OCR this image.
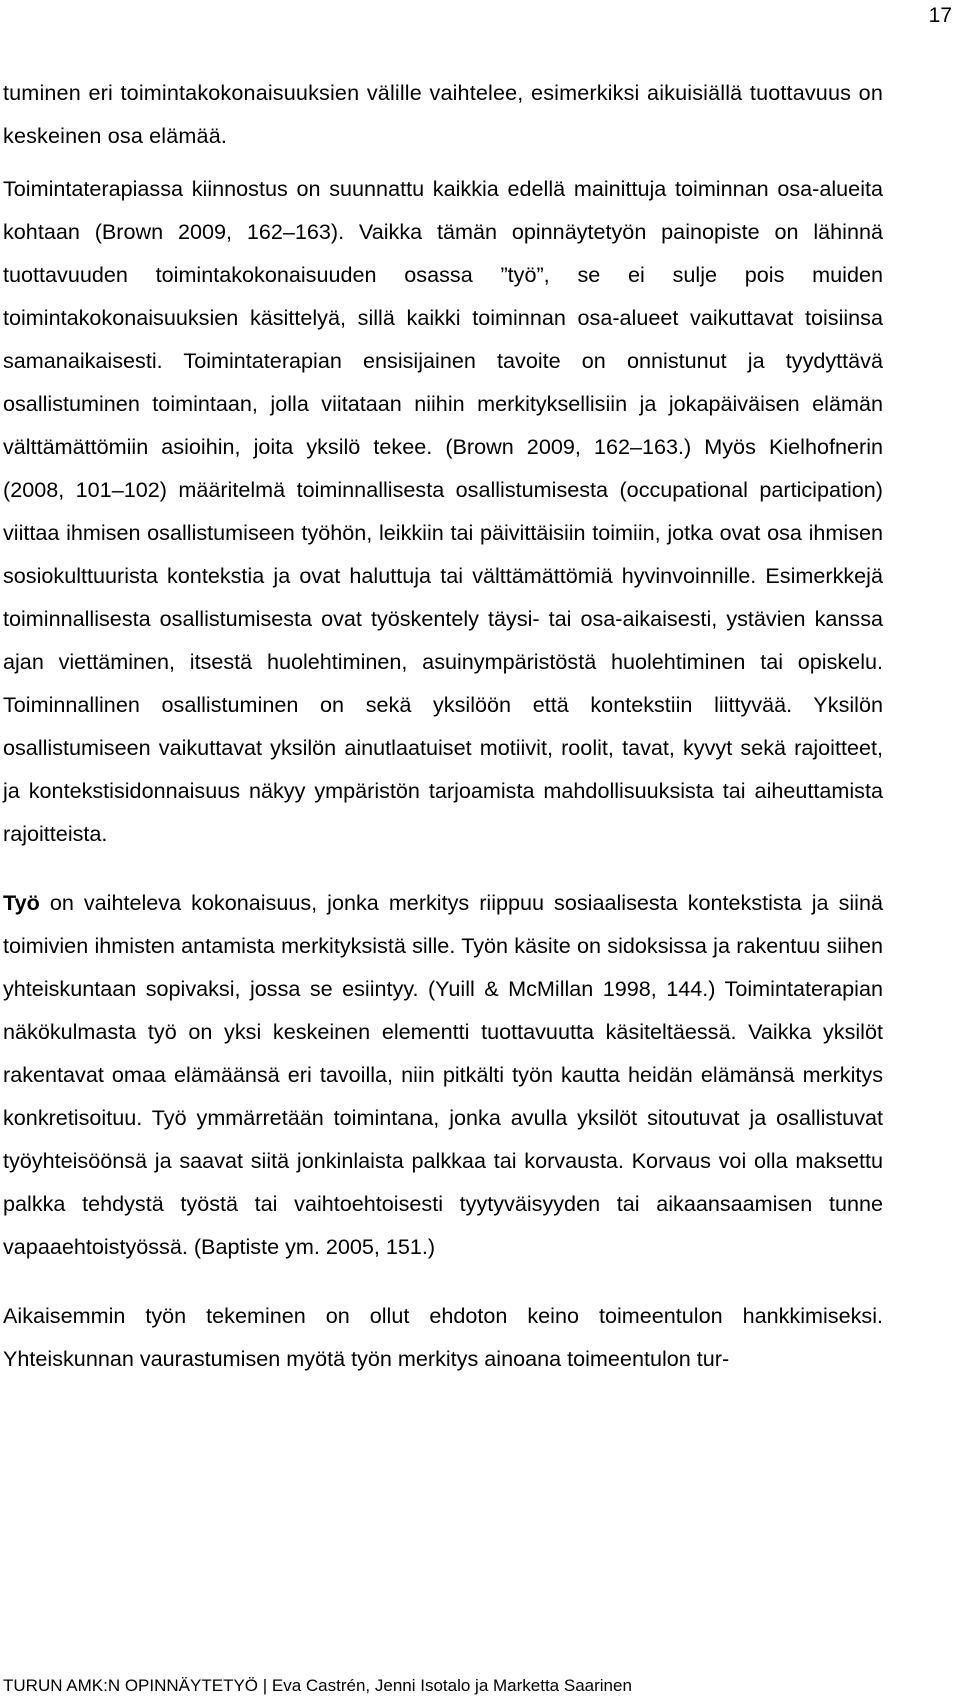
17

tuminen eri toimintakokonaisuuksien välille vaihtelee, esimerkiksi aikuisiällä tuottavuus on keskeinen osa elämää.

Toimintaterapiassa kiinnostus on suunnattu kaikkia edellä mainittuja toiminnan osa-alueita kohtaan (Brown 2009, 162–163). Vaikka tämän opinnäytetyön painopiste on lähinnä tuottavuuden toimintakokonaisuuden osassa ”työ”, se ei sulje pois muiden toimintakokonaisuuksien käsittelyä, sillä kaikki toiminnan osa-alueet vaikuttavat toisiinsa samanaikaisesti. Toimintaterapian ensisijainen tavoite on onnistunut ja tyydyttävä osallistuminen toimintaan, jolla viitataan niihin merkityksellisiin ja jokapäiväisen elämän välttämättömiin asioihin, joita yksilö tekee. (Brown 2009, 162–163.) Myös Kielhofnerin (2008, 101–102) määritelmä toiminnallisesta osallistumisesta (occupational participation) viittaa ihmisen osallistumiseen työhön, leikkiin tai päivittäisiin toimiin, jotka ovat osa ihmisen sosiokulttuurista kontekstia ja ovat haluttuja tai välttämättömiä hyvinvoinnille. Esimerkkejä toiminnallisesta osallistumisesta ovat työskentely täysi- tai osa-aikaisesti, ystävien kanssa ajan viettäminen, itsestä huolehtiminen, asuinympäristöstä huolehtiminen tai opiskelu. Toiminnallinen osallistuminen on sekä yksilöön että kontekstiin liittyvää. Yksilön osallistumiseen vaikuttavat yksilön ainutlaatuiset motiivit, roolit, tavat, kyvyt sekä rajoitteet, ja kontekstisidonnaisuus näkyy ympäristön tarjoamista mahdollisuuksista tai aiheuttamista rajoitteista.

Työ on vaihteleva kokonaisuus, jonka merkitys riippuu sosiaalisesta kontekstista ja siinä toimivien ihmisten antamista merkityksistä sille. Työn käsite on sidoksissa ja rakentuu siihen yhteiskuntaan sopivaksi, jossa se esiintyy. (Yuill & McMillan 1998, 144.) Toimintaterapian näkökulmasta työ on yksi keskeinen elementti tuottavuutta käsiteltäessä. Vaikka yksilöt rakentavat omaa elämäänsä eri tavoilla, niin pitkälti työn kautta heidän elämänsä merkitys konkretisoituu. Työ ymmärretään toimintana, jonka avulla yksilöt sitoutuvat ja osallistuvat työyhteisöönsä ja saavat siitä jonkinlaista palkkaa tai korvausta. Korvaus voi olla maksettu palkka tehdystä työstä tai vaihtoehtoisesti tyytyväisyyden tai aikaansaamisen tunne vapaaehtoistyössä. (Baptiste ym. 2005, 151.)

Aikaisemmin työn tekeminen on ollut ehdoton keino toimeentulon hankkimiseksi. Yhteiskunnan vaurastumisen myötä työn merkitys ainoana toimeentulon tur-

TURUN AMK:N OPINNÄYTETYÖ | Eva Castrén, Jenni Isotalo ja Marketta Saarinen
